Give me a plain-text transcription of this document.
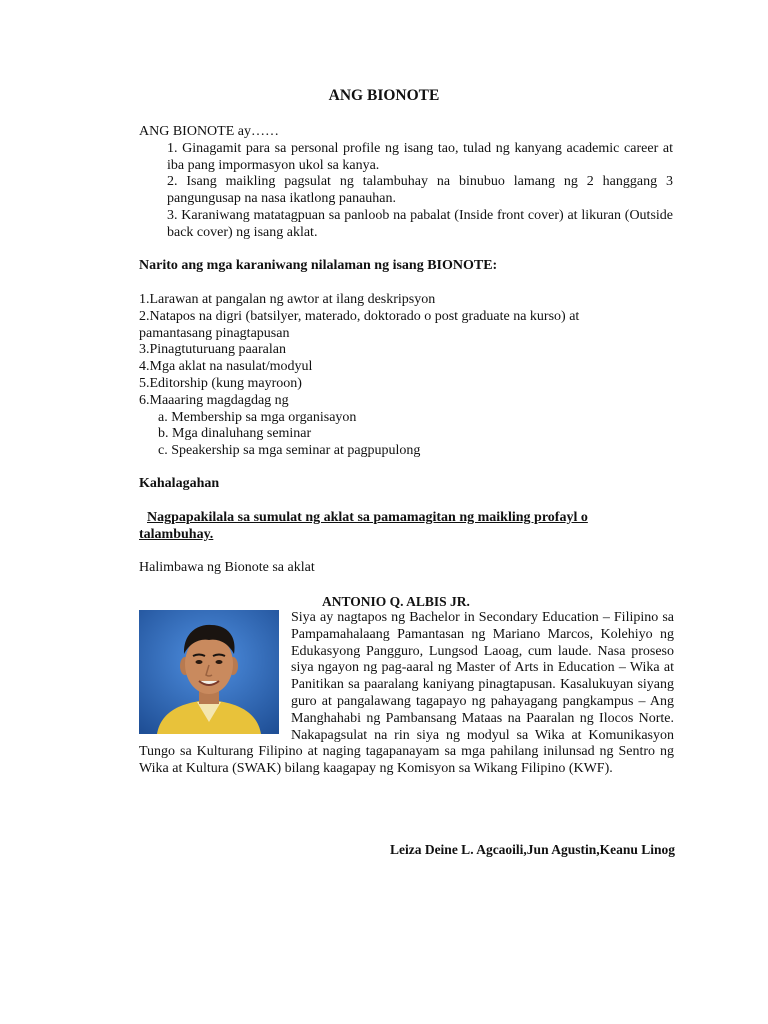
ANG BIONOTE

ANG BIONOTE ay……

1. Ginagamit para sa personal profile ng isang tao, tulad ng kanyang academic career at iba pang impormasyon ukol sa kanya.
2. Isang maikling pagsulat ng talambuhay na binubuo lamang ng 2 hanggang 3 pangungusap na nasa ikatlong panauhan.
3. Karaniwang matatagpuan sa panloob na pabalat (Inside front cover) at likuran (Outside back cover) ng isang aklat.
Narito ang mga karaniwang nilalaman ng isang BIONOTE:

1.Larawan at pangalan ng awtor at ilang deskripsyon

2.Natapos na digri (batsilyer, materado, doktorado o post graduate na kurso) at pamantasang pinagtapusan

3.Pinagtuturuang paaralan

4.Mga aklat na nasulat/modyul

5.Editorship (kung mayroon)

6.Maaaring magdagdag ng

a. Membership sa mga organisayon

b. Mga dinaluhang seminar

c. Speakership sa mga seminar at pagpupulong

Kahalagahan
Nagpapakilala sa sumulat ng aklat sa pamamagitan ng maikling profayl o talambuhay.
Halimbawa ng Bionote sa aklat
ANTONIO Q. ALBIS JR.

Siya ay nagtapos ng Bachelor in Secondary Education – Filipino sa Pampamahalaang Pamantasan ng Mariano Marcos, Kolehiyo ng Edukasyong Pangguro, Lungsod Laoag, cum laude. Nasa proseso siya ngayon ng pag-aaral ng Master of Arts in Education – Wika at Panitikan sa paaralang kaniyang pinagtapusan. Kasalukuyan siyang guro at pangalawang tagapayo ng pahayagang pangkampus – Ang Manghahabi ng Pambansang Mataas na Paaralan ng Ilocos Norte. Nakapagsulat na rin siya ng modyul sa Wika at Komunikasyon Tungo sa Kulturang Filipino at naging tagapanayam sa mga pahilang inilunsad ng Sentro ng Wika at Kultura (SWAK) bilang kaagapay ng Komisyon sa Wikang Filipino (KWF).

Leiza Deine L. Agcaoili,Jun Agustin,Keanu Linog
